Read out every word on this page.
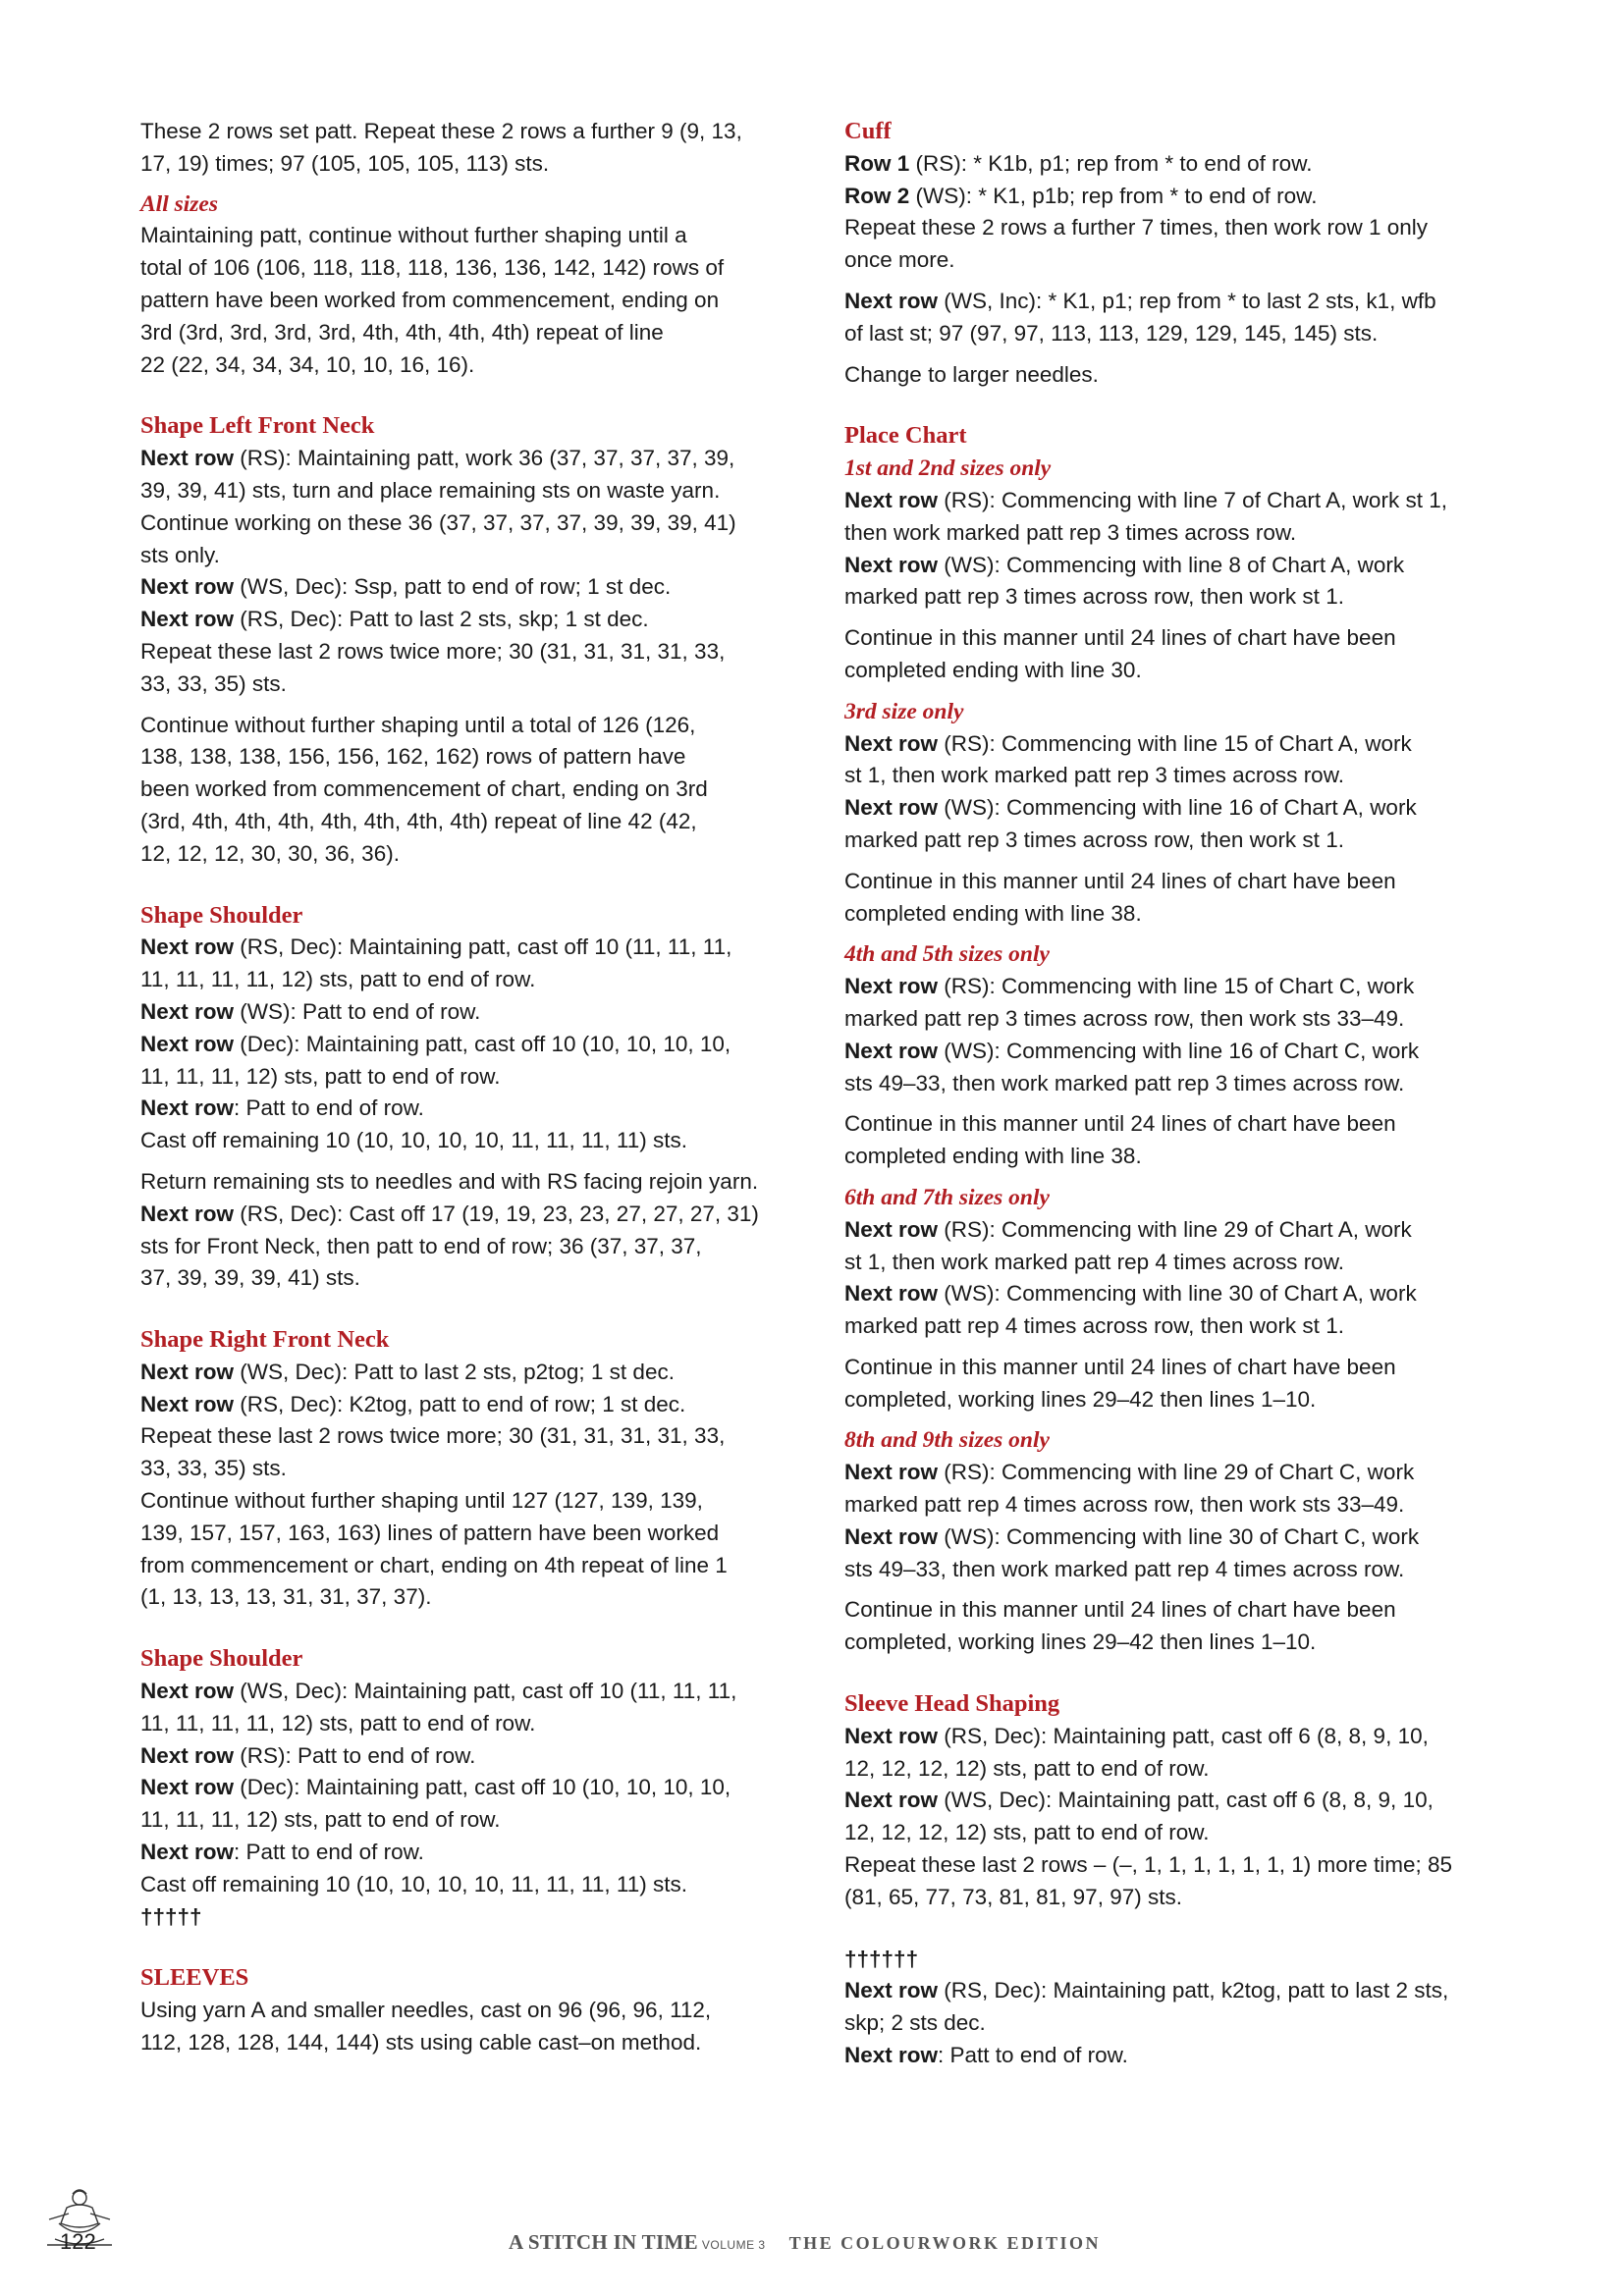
These 2 rows set patt. Repeat these 2 rows a further 9 (9, 13,
17, 19) times; 97 (105, 105, 105, 113) sts.
All sizes
Maintaining patt, continue without further shaping until a
total of 106 (106, 118, 118, 118, 136, 136, 142, 142) rows of
pattern have been worked from commencement, ending on
3rd (3rd, 3rd, 3rd, 3rd, 4th, 4th, 4th, 4th) repeat of line
22 (22, 34, 34, 34, 10, 10, 16, 16).
Shape Left Front Neck
Next row (RS): Maintaining patt, work 36 (37, 37, 37, 37, 39,
39, 39, 41) sts, turn and place remaining sts on waste yarn.
Continue working on these 36 (37, 37, 37, 37, 39, 39, 39, 41)
sts only.
Next row (WS, Dec): Ssp, patt to end of row; 1 st dec.
Next row (RS, Dec): Patt to last 2 sts, skp; 1 st dec.
Repeat these last 2 rows twice more; 30 (31, 31, 31, 31, 33,
33, 33, 35) sts.
Continue without further shaping until a total of 126 (126,
138, 138, 138, 156, 156, 162, 162) rows of pattern have
been worked from commencement of chart, ending on 3rd
(3rd, 4th, 4th, 4th, 4th, 4th, 4th, 4th) repeat of line 42 (42,
12, 12, 12, 30, 30, 36, 36).
Shape Shoulder
Next row (RS, Dec): Maintaining patt, cast off 10 (11, 11, 11,
11, 11, 11, 11, 12) sts, patt to end of row.
Next row (WS): Patt to end of row.
Next row (Dec): Maintaining patt, cast off 10 (10, 10, 10, 10,
11, 11, 11, 12) sts, patt to end of row.
Next row: Patt to end of row.
Cast off remaining 10 (10, 10, 10, 10, 11, 11, 11, 11) sts.
Return remaining sts to needles and with RS facing rejoin yarn.
Next row (RS, Dec): Cast off 17 (19, 19, 23, 23, 27, 27, 27, 31)
sts for Front Neck, then patt to end of row; 36 (37, 37, 37,
37, 39, 39, 39, 41) sts.
Shape Right Front Neck
Next row (WS, Dec): Patt to last 2 sts, p2tog; 1 st dec.
Next row (RS, Dec): K2tog, patt to end of row; 1 st dec.
Repeat these last 2 rows twice more; 30 (31, 31, 31, 31, 33,
33, 33, 35) sts.
Continue without further shaping until 127 (127, 139, 139,
139, 157, 157, 163, 163) lines of pattern have been worked
from commencement or chart, ending on 4th repeat of line 1
(1, 13, 13, 13, 31, 31, 37, 37).
Shape Shoulder
Next row (WS, Dec): Maintaining patt, cast off 10 (11, 11, 11,
11, 11, 11, 11, 12) sts, patt to end of row.
Next row (RS): Patt to end of row.
Next row (Dec): Maintaining patt, cast off 10 (10, 10, 10, 10,
11, 11, 11, 12) sts, patt to end of row.
Next row: Patt to end of row.
Cast off remaining 10 (10, 10, 10, 10, 11, 11, 11, 11) sts.
†††††
SLEEVES
Using yarn A and smaller needles, cast on 96 (96, 96, 112,
112, 128, 128, 144, 144) sts using cable cast–on method.
Cuff
Row 1 (RS): * K1b, p1; rep from * to end of row.
Row 2 (WS): * K1, p1b; rep from * to end of row.
Repeat these 2 rows a further 7 times, then work row 1 only
once more.
Next row (WS, Inc): * K1, p1; rep from * to last 2 sts, k1, wfb
of last st; 97 (97, 97, 113, 113, 129, 129, 145, 145) sts.
Change to larger needles.
Place Chart
1st and 2nd sizes only
Next row (RS): Commencing with line 7 of Chart A, work st 1,
then work marked patt rep 3 times across row.
Next row (WS): Commencing with line 8 of Chart A, work
marked patt rep 3 times across row, then work st 1.
Continue in this manner until 24 lines of chart have been
completed ending with line 30.
3rd size only
Next row (RS): Commencing with line 15 of Chart A, work
st 1, then work marked patt rep 3 times across row.
Next row (WS): Commencing with line 16 of Chart A, work
marked patt rep 3 times across row, then work st 1.
Continue in this manner until 24 lines of chart have been
completed ending with line 38.
4th and 5th sizes only
Next row (RS): Commencing with line 15 of Chart C, work
marked patt rep 3 times across row, then work sts 33–49.
Next row (WS): Commencing with line 16 of Chart C, work
sts 49–33, then work marked patt rep 3 times across row.
Continue in this manner until 24 lines of chart have been
completed ending with line 38.
6th and 7th sizes only
Next row (RS): Commencing with line 29 of Chart A, work
st 1, then work marked patt rep 4 times across row.
Next row (WS): Commencing with line 30 of Chart A, work
marked patt rep 4 times across row, then work st 1.
Continue in this manner until 24 lines of chart have been
completed, working lines 29–42 then lines 1–10.
8th and 9th sizes only
Next row (RS): Commencing with line 29 of Chart C, work
marked patt rep 4 times across row, then work sts 33–49.
Next row (WS): Commencing with line 30 of Chart C, work
sts 49–33, then work marked patt rep 4 times across row.
Continue in this manner until 24 lines of chart have been
completed, working lines 29–42 then lines 1–10.
Sleeve Head Shaping
Next row (RS, Dec): Maintaining patt, cast off 6 (8, 8, 9, 10,
12, 12, 12, 12) sts, patt to end of row.
Next row (WS, Dec): Maintaining patt, cast off 6 (8, 8, 9, 10,
12, 12, 12, 12) sts, patt to end of row.
Repeat these last 2 rows – (–, 1, 1, 1, 1, 1, 1, 1) more time; 85
(81, 65, 77, 73, 81, 81, 97, 97) sts.
††††††
Next row (RS, Dec): Maintaining patt, k2tog, patt to last 2 sts,
skp; 2 sts dec.
Next row: Patt to end of row.
122	A STITCH IN TIME VOLUME 3 THE COLOURWORK EDITION
